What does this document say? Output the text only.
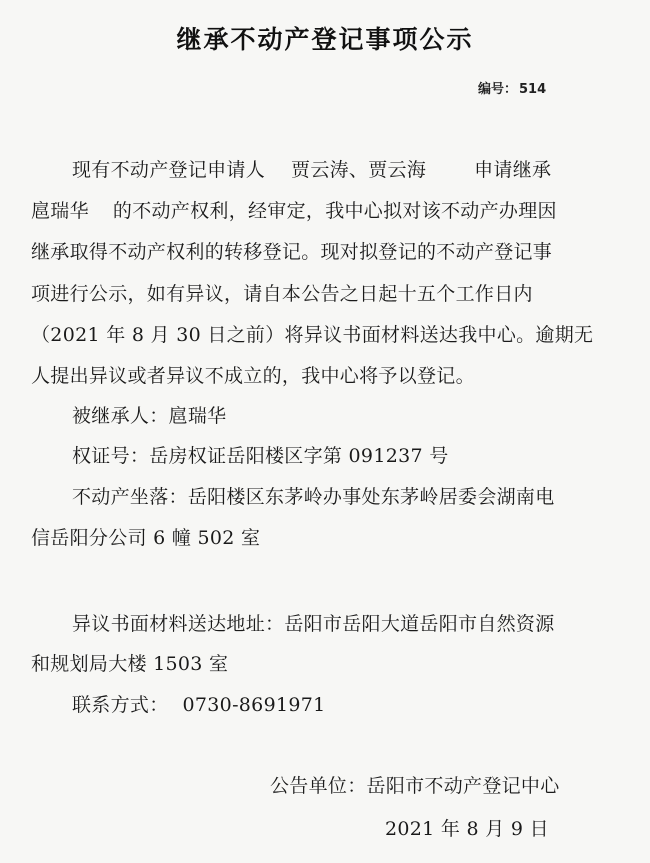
继承不动产登记事项公示
编号： 514
现有不动产登记申请人 贾云涛、贾云海	申请继承
扈瑞华 的不动产权利，经审定，我中心拟对该不动产办理因
继承取得不动产权利的转移登记。现对拟登记的不动产登记事
项进行公示，如有异议，请自本公告之日起十五个工作日内
（2021 年 8 月 30 日之前）将异议书面材料送达我中心。逾期无
人提出异议或者异议不成立的，我中心将予以登记。
被继承人：扈瑞华
权证号：岳房权证岳阳楼区字第 091237 号
不动产坐落：岳阳楼区东茅岭办事处东茅岭居委会湖南电
信岳阳分公司 6 幢 502 室
异议书面材料送达地址：岳阳市岳阳大道岳阳市自然资源
和规划局大楼 1503 室
联系方式： 0730-8691971
公告单位：岳阳市不动产登记中心
2021 年 8 月 9 日
